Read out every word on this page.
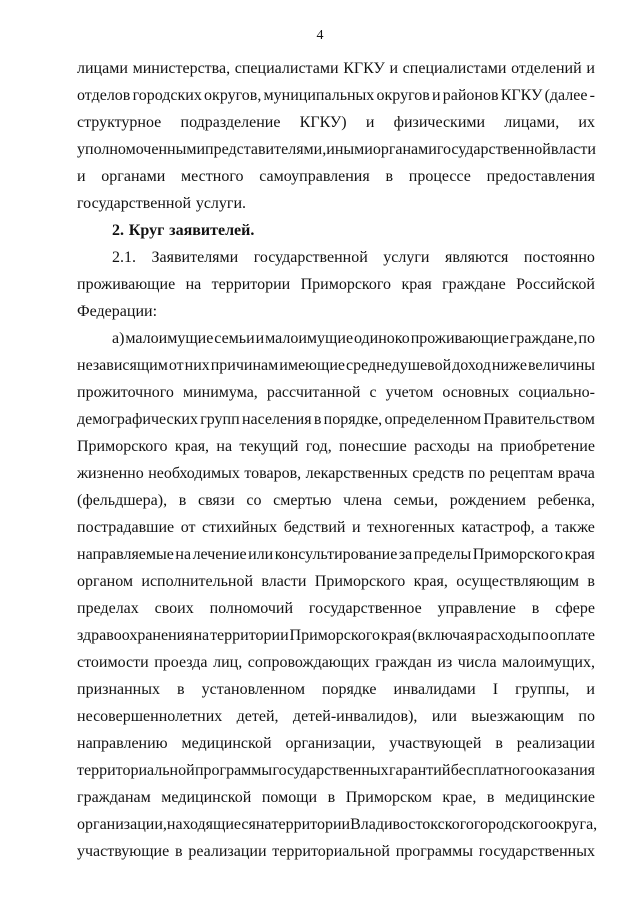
4
лицами министерства, специалистами КГКУ и специалистами отделений и
отделов городских округов, муниципальных округов и районов КГКУ (далее -
структурное подразделение КГКУ) и физическими лицами, их
уполномоченными представителями, иными органами государственной власти
и органами местного самоуправления в процессе предоставления
государственной услуги.
2. Круг заявителей.
2.1. Заявителями государственной услуги являются постоянно
проживающие на территории Приморского края граждане Российской
Федерации:
а) малоимущие семьи и малоимущие одиноко проживающие граждане, по
независящим от них причинам имеющие среднедушевой доход ниже величины
прожиточного минимума, рассчитанной с учетом основных социально-
демографических групп населения в порядке, определенном Правительством
Приморского края, на текущий год, понесшие расходы на приобретение
жизненно необходимых товаров, лекарственных средств по рецептам врача
(фельдшера), в связи со смертью члена семьи, рождением ребенка,
пострадавшие от стихийных бедствий и техногенных катастроф, а также
направляемые на лечение или консультирование за пределы Приморского края
органом исполнительной власти Приморского края, осуществляющим в
пределах своих полномочий государственное управление в сфере
здравоохранения на территории Приморского края (включая расходы по оплате
стоимости проезда лиц, сопровождающих граждан из числа малоимущих,
признанных в установленном порядке инвалидами I группы, и
несовершеннолетних детей, детей-инвалидов), или выезжающим по
направлению медицинской организации, участвующей в реализации
территориальной программы государственных гарантий бесплатного оказания
гражданам медицинской помощи в Приморском крае, в медицинские
организации, находящиеся на территории Владивостокского городского округа,
участвующие в реализации территориальной программы государственных
